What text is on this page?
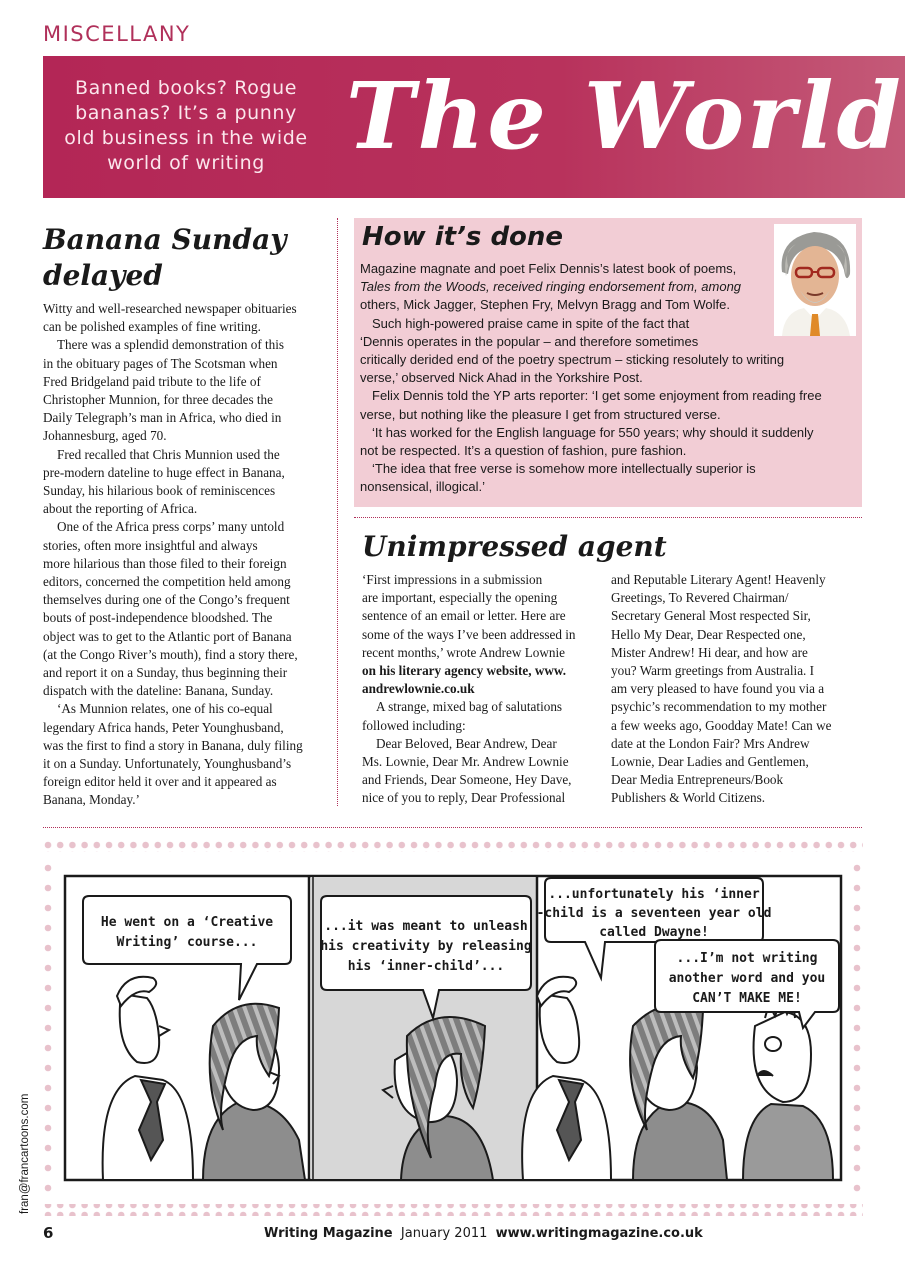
MISCELLANY
Banned books? Rogue
bananas? It’s a punny
old business in the wide
world of writing The World
Banana Sunday
delayed

Witty and well-researched newspaper obituaries
can be polished examples of fine writing.

There was a splendid demonstration of this
in the obituary pages of The Scotsman when
Fred Bridgeland paid tribute to the life of
Christopher Munnion, for three decades the
Daily Telegraph’s man in Africa, who died in
Johannesburg, aged 70.

Fred recalled that Chris Munnion used the
pre-modern dateline to huge effect in Banana,
Sunday, his hilarious book of reminiscences
about the reporting of Africa.

One of the Africa press corps’ many untold
stories, often more insightful and always
more hilarious than those filed to their foreign
editors, concerned the competition held among
themselves during one of the Congo’s frequent
bouts of post-independence bloodshed. The
object was to get to the Atlantic port of Banana
(at the Congo River’s mouth), find a story there,
and report it on a Sunday, thus beginning their
dispatch with the dateline: Banana, Sunday.

‘As Munnion relates, one of his co-equal
legendary Africa hands, Peter Younghusband,
was the first to find a story in Banana, duly filing
it on a Sunday. Unfortunately, Younghusband’s
foreign editor held it over and it appeared as
Banana, Monday.’

How it’s done

Magazine magnate and poet Felix Dennis’s latest book of poems,
Tales from the Woods, received ringing endorsement from, among
others, Mick Jagger, Stephen Fry, Melvyn Bragg and Tom Wolfe.

Such high-powered praise came in spite of the fact that
‘Dennis operates in the popular – and therefore sometimes
critically derided end of the poetry spectrum – sticking resolutely to writing
verse,’ observed Nick Ahad in the Yorkshire Post.

Felix Dennis told the YP arts reporter: ‘I get some enjoyment from reading free
verse, but nothing like the pleasure I get from structured verse.

‘It has worked for the English language for 550 years; why should it suddenly
not be respected. It’s a question of fashion, pure fashion.

‘The idea that free verse is somehow more intellectually superior is
nonsensical, illogical.’

Unimpressed agent

‘First impressions in a submission
are important, especially the opening
sentence of an email or letter. Here are
some of the ways I’ve been addressed in
recent months,’ wrote Andrew Lownie
on his literary agency website, www.
andrewlownie.co.uk

A strange, mixed bag of salutations
followed including:

Dear Beloved, Bear Andrew, Dear
Ms. Lownie, Dear Mr. Andrew Lownie
and Friends, Dear Someone, Hey Dave,
nice of you to reply, Dear Professional

and Reputable Literary Agent! Heavenly
Greetings, To Revered Chairman/
Secretary General Most respected Sir,
Hello My Dear, Dear Respected one,
Mister Andrew! Hi dear, and how are
you? Warm greetings from Australia. I
am very pleased to have found you via a
psychic’s recommendation to my mother
a few weeks ago, Goodday Mate! Can we
date at the London Fair? Mrs Andrew
Lownie, Dear Ladies and Gentlemen,
Dear Media Entrepreneurs/Book
Publishers & World Citizens.

He went on a ‘Creative
Writing’ course...
...it was meant to unleash
his creativity by releasing
his ‘inner-child’...
...unfortunately his ‘inner
-child is a seventeen year old
called Dwayne!
...I’m not writing
another word and you
CAN’T MAKE ME!
fran@francartoons.com
6	Writing Magazine January 2011 www.writingmagazine.co.uk
